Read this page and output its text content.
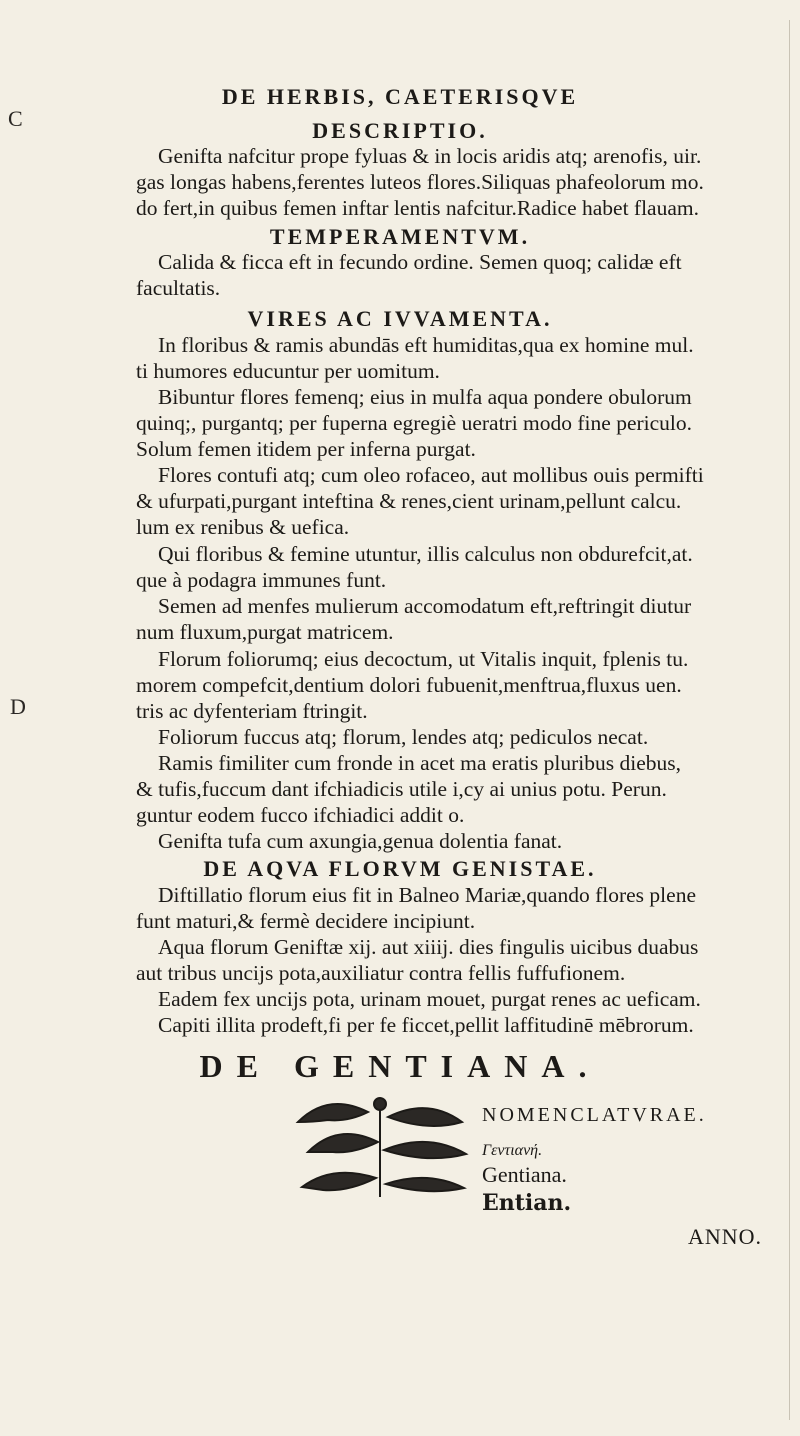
DE HERBIS, CAETERISQVE
C
D
DESCRIPTIO.
Genifta nafcitur prope fyluas & in locis aridis atq; arenofis, uir.
gas longas habens,ferentes luteos flores.Siliquas phafeolorum mo.
do fert,in quibus femen inftar lentis nafcitur.Radice habet flauam.
TEMPERAMENTVM.
Calida & ficca eft in fecundo ordine. Semen quoq; calidæ eft
facultatis.
VIRES AC IVVAMENTA.
In floribus & ramis abundās eft humiditas,qua ex homine mul.
ti humores educuntur per uomitum.
Bibuntur flores femenq; eius in mulfa aqua pondere obulorum
quinq;, purgantq; per fuperna egregiè ueratri modo fine periculo.
Solum femen itidem per inferna purgat.
Flores contufi atq; cum oleo rofaceo, aut mollibus ouis permifti
& ufurpati,purgant inteftina & renes,cient urinam,pellunt calcu.
lum ex renibus & uefica.
Qui floribus & femine utuntur, illis calculus non obdurefcit,at.
que à podagra immunes funt.
Semen ad menfes mulierum accomodatum eft,reftringit diutur
num fluxum,purgat matricem.
Florum foliorumq; eius decoctum, ut Vitalis inquit, fplenis tu.
morem compefcit,dentium dolori fubuenit,menftrua,fluxus uen.
tris ac dyfenteriam ftringit.
Foliorum fuccus atq; florum, lendes atq; pediculos necat.
Ramis fimiliter cum fronde in acet ma eratis pluribus diebus,
& tufis,fuccum dant ifchiadicis utile i,cy ai unius potu. Perun.
guntur eodem fucco ifchiadici addit o.
Genifta tufa cum axungia,genua dolentia fanat.
DE AQVA FLORVM GENISTAE.
Diftillatio florum eius fit in Balneo Mariæ,quando flores plene
funt maturi,& fermè decidere incipiunt.
Aqua florum Geniftæ xij. aut xiiij. dies fingulis uicibus duabus
aut tribus uncijs pota,auxiliatur contra fellis fuffufionem.
Eadem fex uncijs pota, urinam mouet, purgat renes ac ueficam.
Capiti illita prodeft,fi per fe ficcet,pellit laffitudinē mēbrorum.
DE GENTIANA.
NOMENCLATVRAE.
Γεντιανή.
Gentiana.
Entian.
ANNO.
